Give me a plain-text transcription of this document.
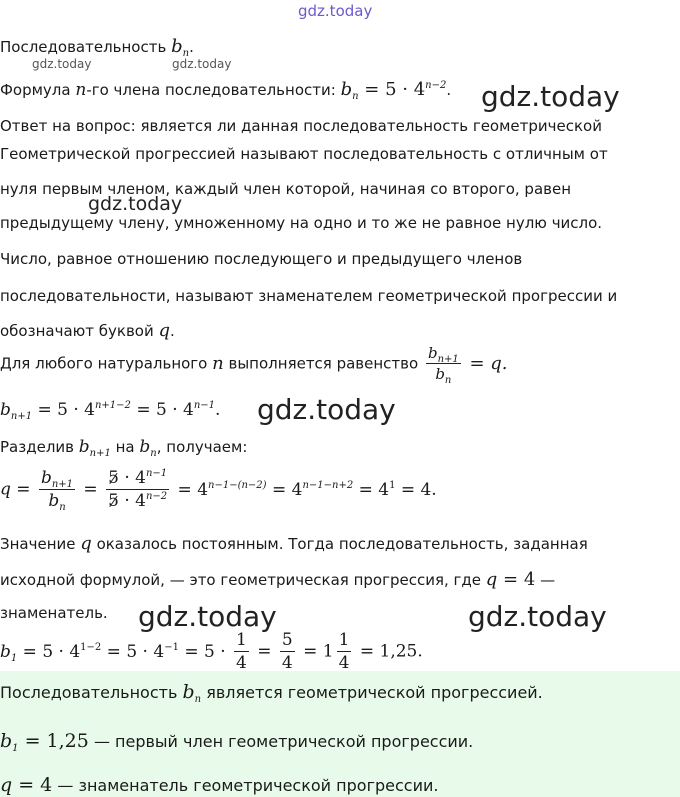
gdz.today
gdz.today	gdz.today
gdz.today
gdz.today
gdz.today
gdz.today	gdz.today
Последовательность $b_n$.
Формула n-го члена последовательности: $b_n = 5 \cdot 4^{n-2}$.
Ответ на вопрос: является ли данная последовательность геометрической
Геометрической прогрессией называют последовательность с отличным от
нуля первым членом, каждый член которой, начиная со второго, равен
предыдущему члену, умноженному на одно и то же не равное нулю число.
Число, равное отношению последующего и предыдущего членов
последовательности, называют знаменателем геометрической прогрессии и
обозначают буквой q.
Для любого натурального n выполняется равенство $\frac{b_{n+1}}{b_n} = q$.
$b_{n+1} = 5 \cdot 4^{n+1-2} = 5 \cdot 4^{n-1}$.
Разделив $b_{n+1}$ на $b_n$, получаем:
$q = \frac{b_{n+1}}{b_n} = \frac{5 \cdot 4^{n-1}}{5 \cdot 4^{n-2}} = 4^{n-1-(n-2)} = 4^{n-1-n+2} = 4^1 = 4$.
Значение q оказалось постоянным. Тогда последовательность, заданная
исходной формулой, — это геометрическая прогрессия, где q = 4 —
знаменатель.
$b_1 = 5 \cdot 4^{1-2} = 5 \cdot 4^{-1} = 5 \cdot \frac{1}{4} = \frac{5}{4} = 1 \frac{1}{4} = 1,25$.
Последовательность $b_n$ является геометрической прогрессией.
$b_1 = 1,25$ — первый член геометрической прогрессии.
q = 4 — знаменатель геометрической прогрессии.
